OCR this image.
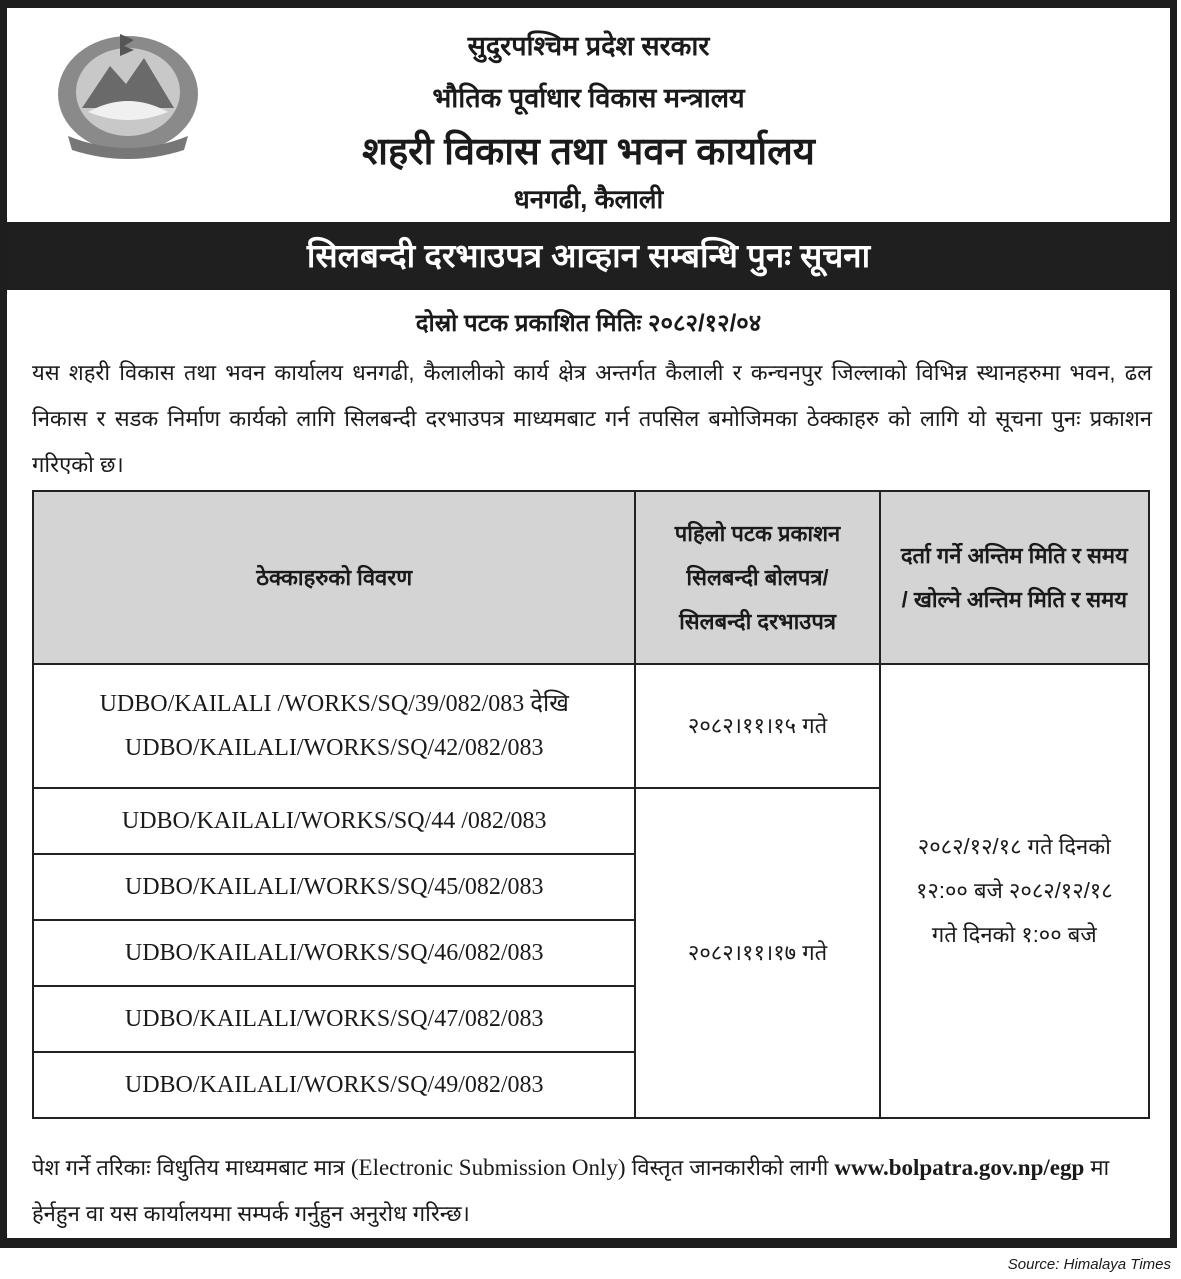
सुदुरपश्चिम प्रदेश सरकार
भौतिक पूर्वाधार विकास मन्त्रालय
शहरी विकास तथा भवन कार्यालय
धनगढी, कैलाली
सिलबन्दी दरभाउपत्र आव्हान सम्बन्धि पुनः सूचना
दोस्रो पटक प्रकाशित मितिः २०८२/१२/०४
यस शहरी विकास तथा भवन कार्यालय धनगढी, कैलालीको कार्य क्षेत्र अन्तर्गत कैलाली र कन्चनपुर जिल्लाको विभिन्न स्थानहरुमा भवन, ढल निकास र सडक निर्माण कार्यको लागि सिलबन्दी दरभाउपत्र माध्यमबाट गर्न तपसिल बमोजिमका ठेक्काहरु को लागि यो सूचना पुनः प्रकाशन गरिएको छ।
ठेक्काहरुको विवरण	पहिलो पटक प्रकाशन सिलबन्दी बोलपत्र/ सिलबन्दी दरभाउपत्र	दर्ता गर्ने अन्तिम मिति र समय / खोल्ने अन्तिम मिति र समय
UDBO/KAILALI /WORKS/SQ/39/082/083 देखि UDBO/KAILALI/WORKS/SQ/42/082/083	२०८२।११।१५ गते	२०८२/१२/१८ गते दिनको १२:०० बजे २०८२/१२/१८ गते दिनको १:०० बजे
UDBO/KAILALI/WORKS/SQ/44 /082/083	२०८२।११।१७ गते	
UDBO/KAILALI/WORKS/SQ/45/082/083		
UDBO/KAILALI/WORKS/SQ/46/082/083		
UDBO/KAILALI/WORKS/SQ/47/082/083		
UDBO/KAILALI/WORKS/SQ/49/082/083		
पेश गर्ने तरिकाः विधुतिय माध्यमबाट मात्र (Electronic Submission Only) विस्तृत जानकारीको लागी www.bolpatra.gov.np/egp मा हेर्नहुन वा यस कार्यालयमा सम्पर्क गर्नुहुन अनुरोध गरिन्छ।
Source: Himalaya Times
